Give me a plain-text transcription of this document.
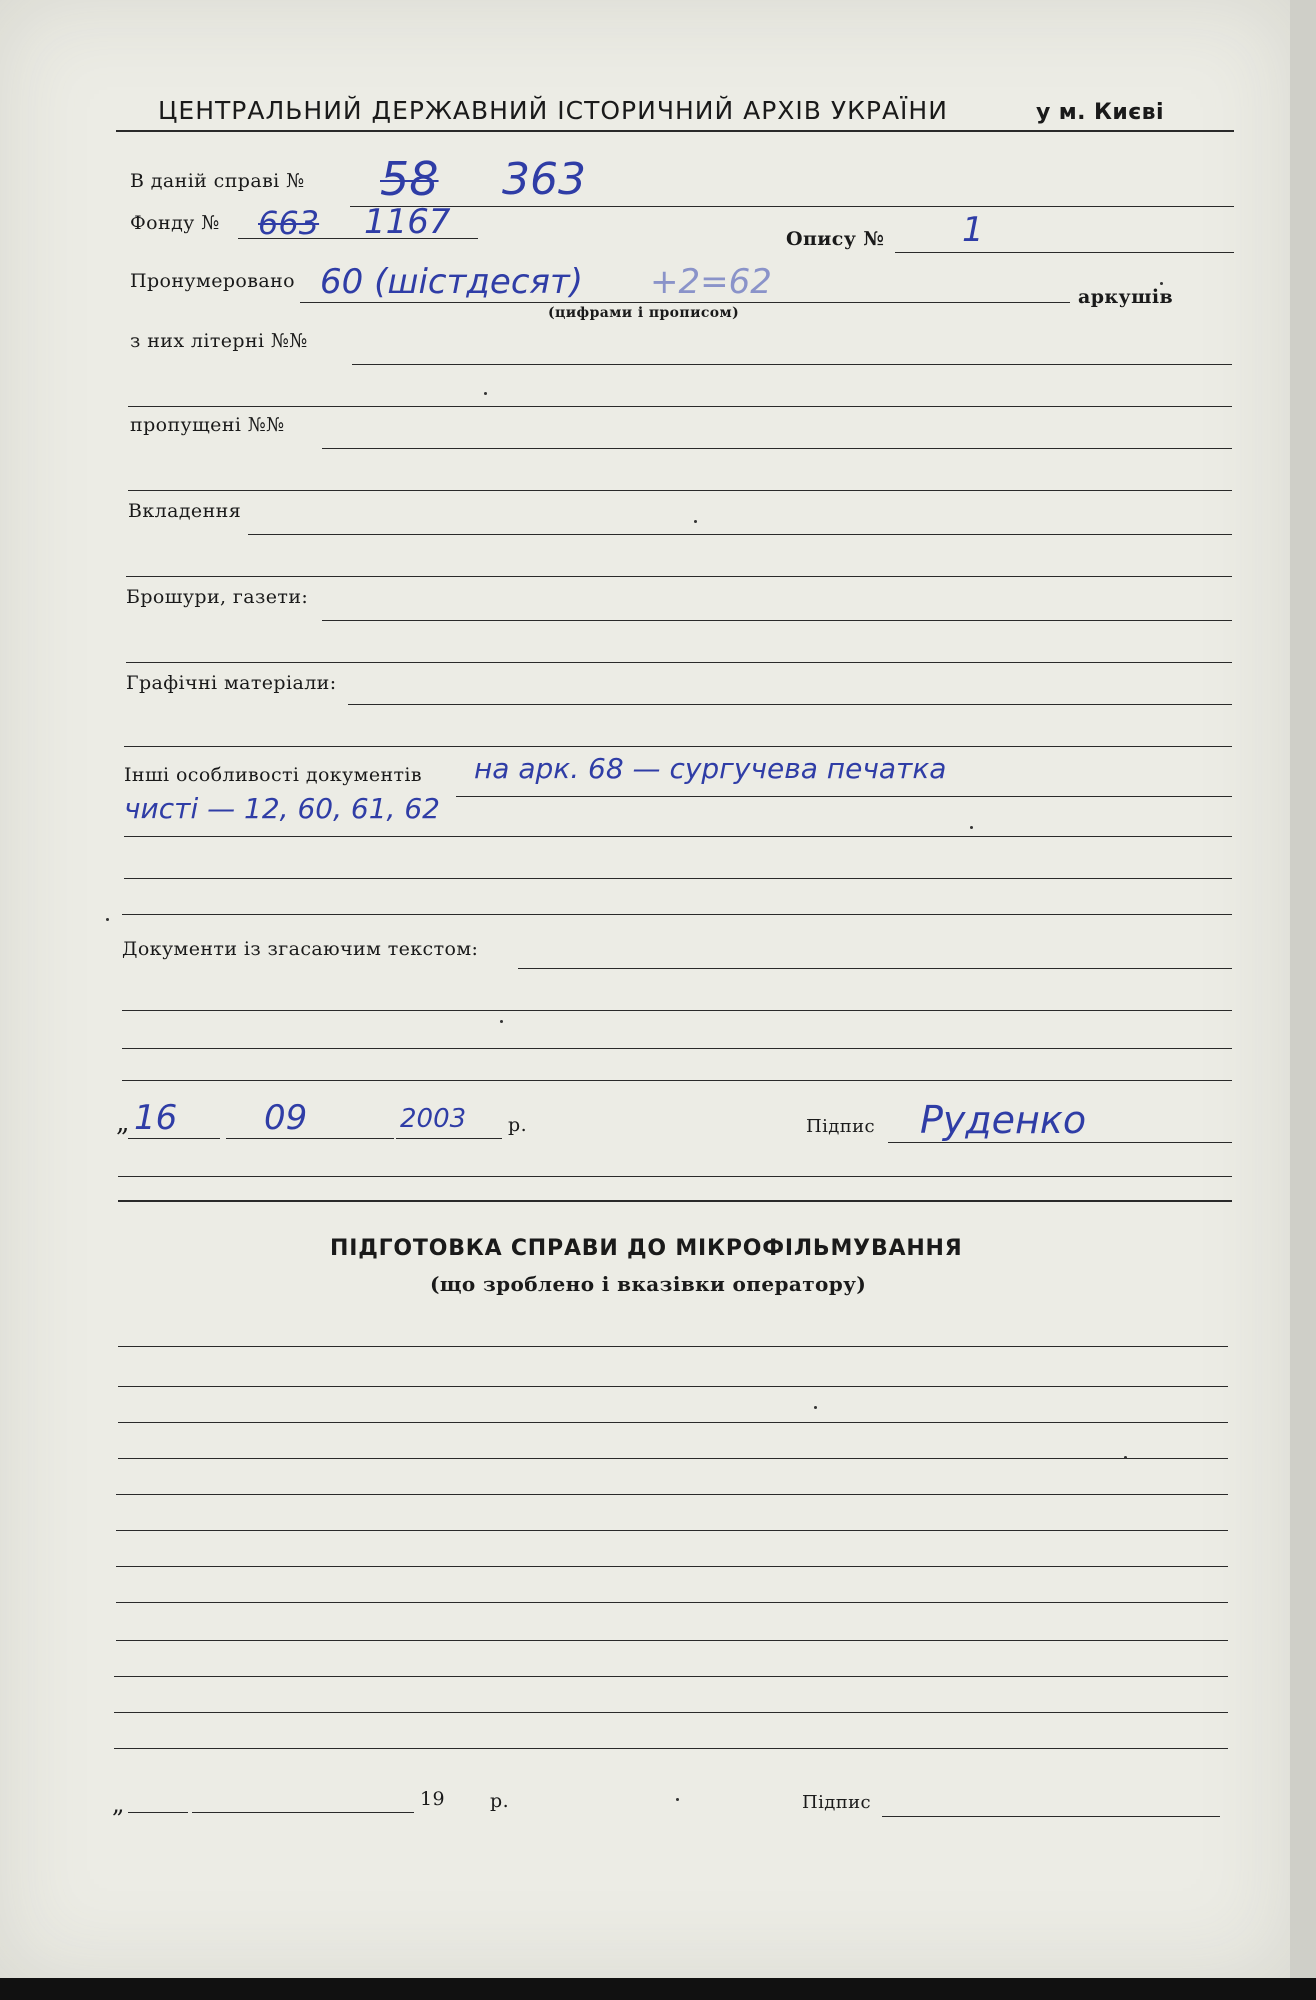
ЦЕНТРАЛЬНИЙ ДЕРЖАВНИЙ ІСТОРИЧНИЙ АРХІВ УКРАЇНИ	у м. Києві
В даній справі № 58 363
Фонду № 663 1167	Опису № 1
Пронумеровано 60 (шістдесят) +2=62
(цифрами і прописом)
аркушів
з них літерні №№
пропущені №№
Вкладення
Брошури, газети:
Графічні матеріали:
Інші особливості документів на арк. 68 — сургучева печатка
чисті — 12, 60, 61, 62
Документи із згасаючим текстом:
„ 16	09	2003 р.	Підпис Руденко
ПІДГОТОВКА СПРАВИ ДО МІКРОФІЛЬМУВАННЯ
(що зроблено і вказівки оператору)
„	19 р.	Підпис
